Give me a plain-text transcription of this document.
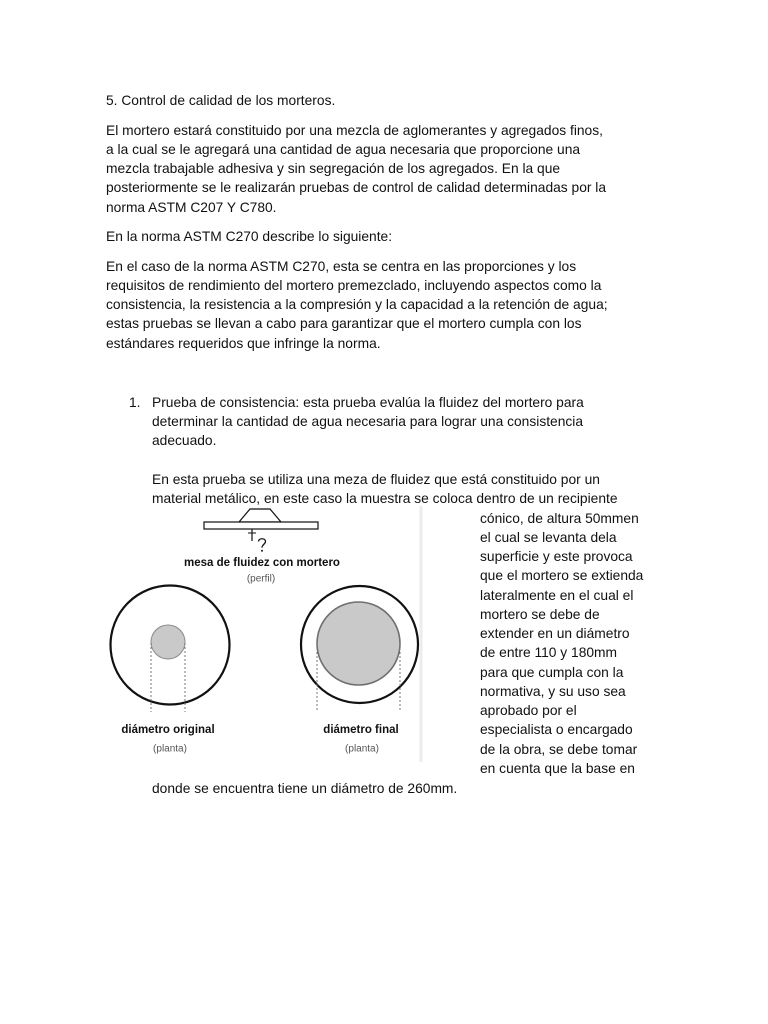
5. Control de calidad de los morteros.
El mortero estará constituido por una mezcla de aglomerantes y agregados finos,
a la cual se le agregará una cantidad de agua necesaria que proporcione una
mezcla trabajable adhesiva y sin segregación de los agregados. En la que
posteriormente se le realizarán pruebas de control de calidad determinadas por la
norma ASTM C207 Y C780.
En la norma ASTM C270 describe lo siguiente:
En el caso de la norma ASTM C270, esta se centra en las proporciones y los
requisitos de rendimiento del mortero premezclado, incluyendo aspectos como la
consistencia, la resistencia a la compresión y la capacidad a la retención de agua;
estas pruebas se llevan a cabo para garantizar que el mortero cumpla con los
estándares requeridos que infringe la norma.
1. Prueba de consistencia: esta prueba evalúa la fluidez del mortero para
determinar la cantidad de agua necesaria para lograr una consistencia
adecuado.
En esta prueba se utiliza una meza de fluidez que está constituido por un
material metálico, en este caso la muestra se coloca dentro de un recipiente
cónico, de altura 50mmen
el cual se levanta dela
superficie y este provoca
que el mortero se extienda
lateralmente en el cual el
mortero se debe de
extender en un diámetro
de entre 110 y 180mm
para que cumpla con la
normativa, y su uso sea
aprobado por el
especialista o encargado
de la obra, se debe tomar
en cuenta que la base en
donde se encuentra tiene un diámetro de 260mm.
mesa de fluidez con mortero
(perfil)
diámetro original
(planta)
diámetro final
(planta)
